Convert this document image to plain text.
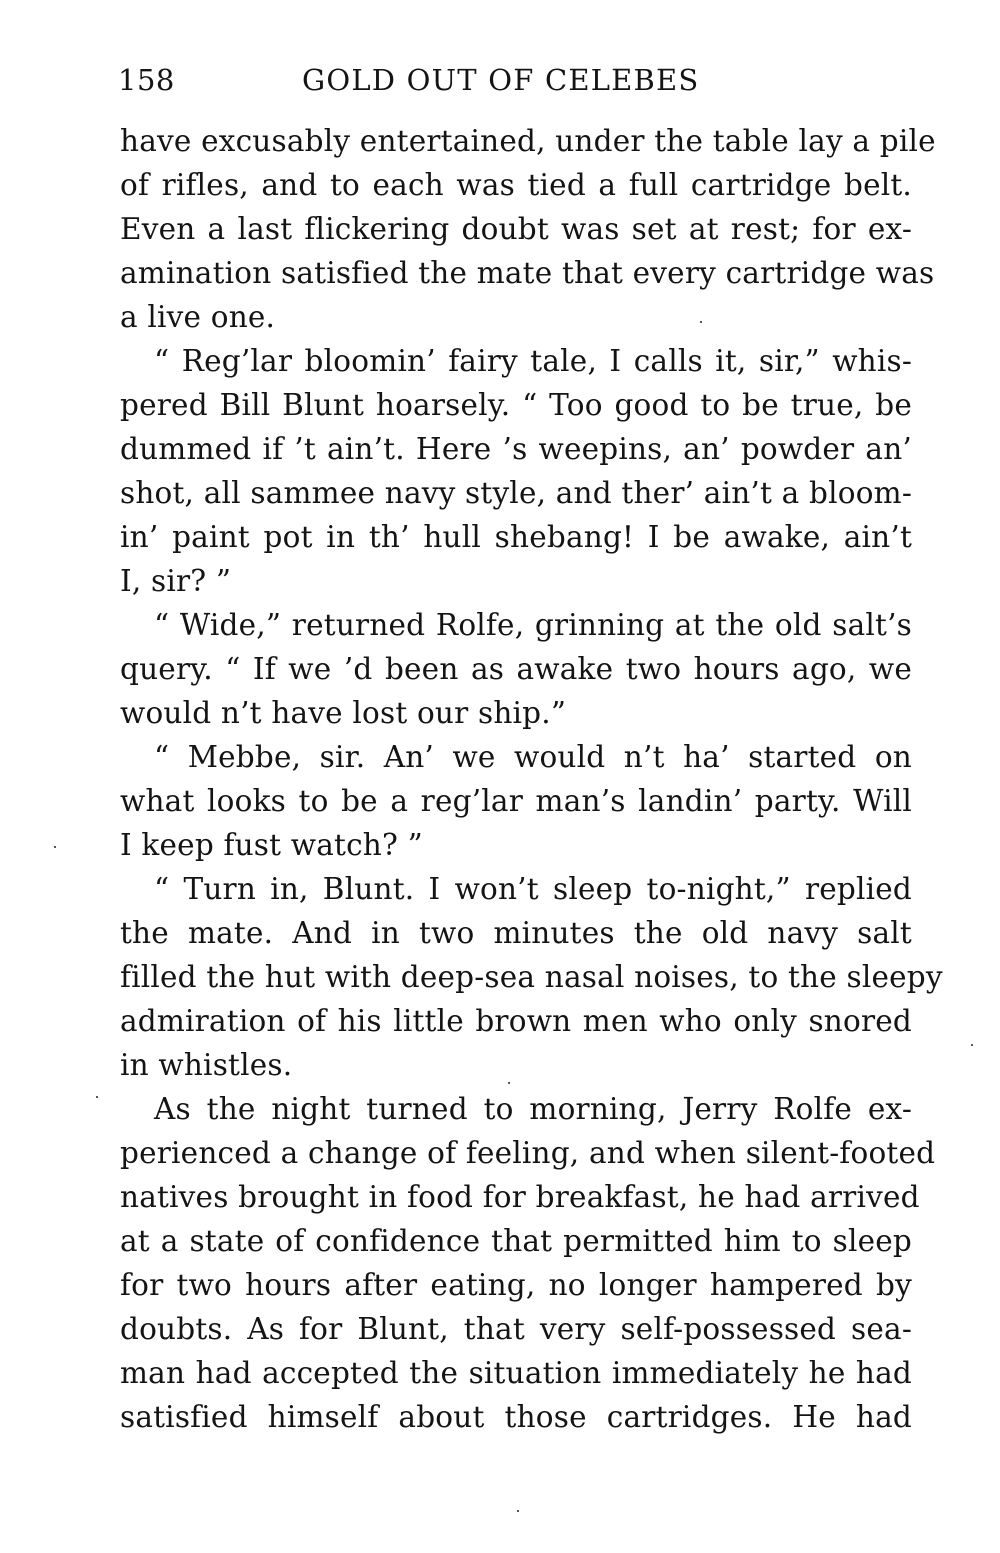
158	GOLD OUT OF CELEBES
have excusably entertained, under the table lay a pile
of rifles, and to each was tied a full cartridge belt.
Even a last flickering doubt was set at rest; for ex-
amination satisfied the mate that every cartridge was
a live one.
“ Reg’lar bloomin’ fairy tale, I calls it, sir,” whis-
pered Bill Blunt hoarsely. “ Too good to be true, be
dummed if ’t ain’t. Here ’s weepins, an’ powder an’
shot, all sammee navy style, and ther’ ain’t a bloom-
in’ paint pot in th’ hull shebang! I be awake, ain’t
I, sir? ”
“ Wide,” returned Rolfe, grinning at the old salt’s
query. “ If we ’d been as awake two hours ago, we
would n’t have lost our ship.”
“ Mebbe, sir. An’ we would n’t ha’ started on
what looks to be a reg’lar man’s landin’ party. Will
I keep fust watch? ”
“ Turn in, Blunt. I won’t sleep to-night,” replied
the mate. And in two minutes the old navy salt
filled the hut with deep-sea nasal noises, to the sleepy
admiration of his little brown men who only snored
in whistles.
As the night turned to morning, Jerry Rolfe ex-
perienced a change of feeling, and when silent-footed
natives brought in food for breakfast, he had arrived
at a state of confidence that permitted him to sleep
for two hours after eating, no longer hampered by
doubts. As for Blunt, that very self-possessed sea-
man had accepted the situation immediately he had
satisfied himself about those cartridges. He had
